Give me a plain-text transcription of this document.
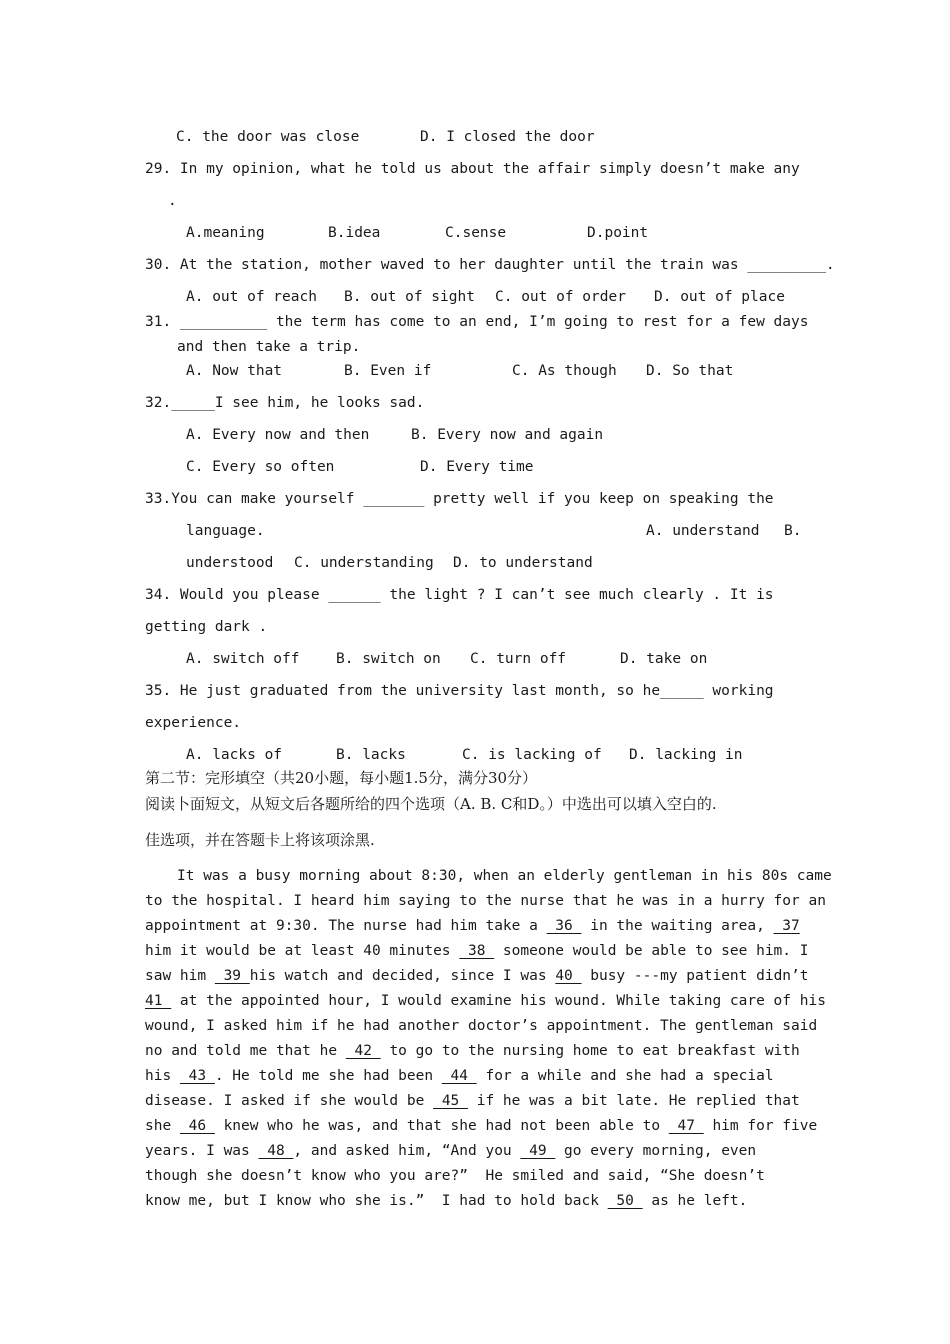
C. the door was close	D. I closed the door
29. In my opinion, what he told us about the affair simply doesn’t make any
.
A.meaning	B.idea	C.sense	D.point
30. At the station, mother waved to her daughter until the train was _________.
A. out of reach B. out of sight C. out of order D. out of place
31. __________ the term has come to an end, I’m going to rest for a few days
and then take a trip.
A. Now that	B. Even if	C. As though D. So that
32._____I see him, he looks sad.
A. Every now and then	B. Every now and again
C. Every so often	D. Every time
33.You can make yourself _______ pretty well if you keep on speaking the
language.	A. understand B.
understood C. understanding D. to understand
34. Would you please ______ the light ? I can’t see much clearly . It is
getting dark .
A. switch off	B. switch on C. turn off	D. take on
35. He just graduated from the university last month, so he_____ working
experience.
A. lacks of	B. lacks	C. is lacking of D. lacking in
第二节：完形填空（共20小题，每小题1.5分，满分30分）
阅读卜面短文，从短文后各题所给的四个选项（A. B. C和D。）中选出可以填入空白的.
佳选项，并在答题卡上将该项涂黑.
It was a busy morning about 8:30, when an elderly gentleman in his 80s came
to the hospital. I heard him saying to the nurse that he was in a hurry for an
appointment at 9:30. The nurse had him take a  36  in the waiting area,  37
him it would be at least 40 minutes  38  someone would be able to see him. I
saw him  39 his watch and decided, since I was 40  busy ---my patient didn’t
41  at the appointed hour, I would examine his wound. While taking care of his
wound, I asked him if he had another doctor’s appointment. The gentleman said
no and told me that he  42  to go to the nursing home to eat breakfast with
his  43 . He told me she had been  44  for a while and she had a special
disease. I asked if she would be  45  if he was a bit late. He replied that
she  46  knew who he was, and that she had not been able to  47  him for five
years. I was  48 , and asked him, “And you  49  go every morning, even
though she doesn’t know who you are?”  He smiled and said, “She doesn’t
know me, but I know who she is.”  I had to hold back  50  as he left.
